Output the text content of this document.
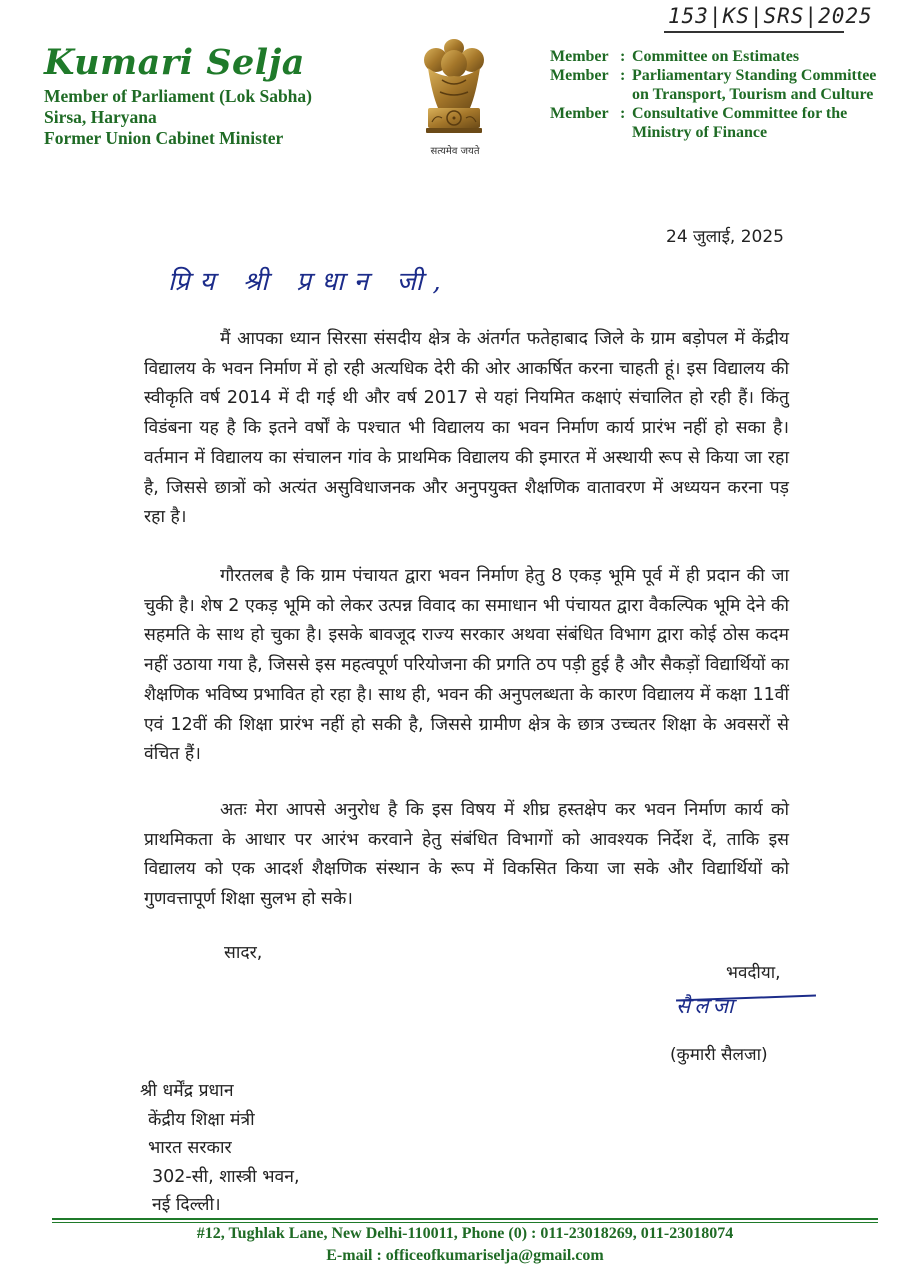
153|KS|SRS|2025
Kumari Selja
Member of Parliament (Lok Sabha)
Sirsa, Haryana
Former Union Cabinet Minister
सत्यमेव जयते
Member : Committee on Estimates
Member : Parliamentary Standing Committee on Transport, Tourism and Culture
Member : Consultative Committee for the Ministry of Finance
24 जुलाई, 2025
प्रिय श्री प्रधान जी,
मैं आपका ध्यान सिरसा संसदीय क्षेत्र के अंतर्गत फतेहाबाद जिले के ग्राम बड़ोपल में केंद्रीय विद्यालय के भवन निर्माण में हो रही अत्यधिक देरी की ओर आकर्षित करना चाहती हूं। इस विद्यालय की स्वीकृति वर्ष 2014 में दी गई थी और वर्ष 2017 से यहां नियमित कक्षाएं संचालित हो रही हैं। किंतु विडंबना यह है कि इतने वर्षों के पश्चात भी विद्यालय का भवन निर्माण कार्य प्रारंभ नहीं हो सका है। वर्तमान में विद्यालय का संचालन गांव के प्राथमिक विद्यालय की इमारत में अस्थायी रूप से किया जा रहा है, जिससे छात्रों को अत्यंत असुविधाजनक और अनुपयुक्त शैक्षणिक वातावरण में अध्ययन करना पड़ रहा है।
गौरतलब है कि ग्राम पंचायत द्वारा भवन निर्माण हेतु 8 एकड़ भूमि पूर्व में ही प्रदान की जा चुकी है। शेष 2 एकड़ भूमि को लेकर उत्पन्न विवाद का समाधान भी पंचायत द्वारा वैकल्पिक भूमि देने की सहमति के साथ हो चुका है। इसके बावजूद राज्य सरकार अथवा संबंधित विभाग द्वारा कोई ठोस कदम नहीं उठाया गया है, जिससे इस महत्वपूर्ण परियोजना की प्रगति ठप पड़ी हुई है और सैकड़ों विद्यार्थियों का शैक्षणिक भविष्य प्रभावित हो रहा है। साथ ही, भवन की अनुपलब्धता के कारण विद्यालय में कक्षा 11वीं एवं 12वीं की शिक्षा प्रारंभ नहीं हो सकी है, जिससे ग्रामीण क्षेत्र के छात्र उच्चतर शिक्षा के अवसरों से वंचित हैं।
अतः मेरा आपसे अनुरोध है कि इस विषय में शीघ्र हस्तक्षेप कर भवन निर्माण कार्य को प्राथमिकता के आधार पर आरंभ करवाने हेतु संबंधित विभागों को आवश्यक निर्देश दें, ताकि इस विद्यालय को एक आदर्श शैक्षणिक संस्थान के रूप में विकसित किया जा सके और विद्यार्थियों को गुणवत्तापूर्ण शिक्षा सुलभ हो सके।
सादर,
भवदीया,
सैलजा
(कुमारी सैलजा)
श्री धर्मेंद्र प्रधान
केंद्रीय शिक्षा मंत्री
भारत सरकार
302-सी, शास्त्री भवन,
नई दिल्ली।
#12, Tughlak Lane, New Delhi-110011, Phone (0) : 011-23018269, 011-23018074
E-mail : officeofkumariselja@gmail.com
